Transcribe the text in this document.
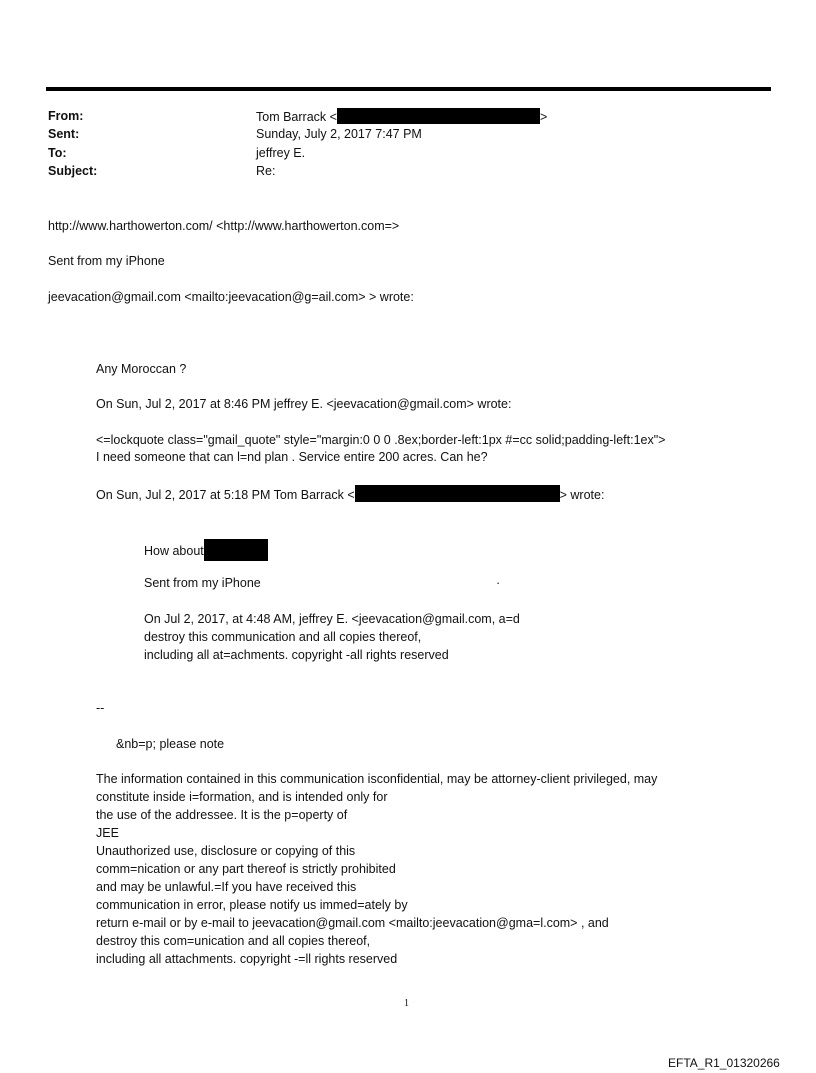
From:	Tom Barrack <	>
Sent:	Sunday, July 2, 2017 7:47 PM
To:	jeffrey E.
Subject:	Re:
http://www.harthowerton.com/ <http://www.harthowerton.com=>
Sent from my iPhone
jeevacation@gmail.com <mailto:jeevacation@g=ail.com> > wrote:
Any Moroccan ?
On Sun, Jul 2, 2017 at 8:46 PM jeffrey E. <jeevacation@gmail.com> wrote:
<=lockquote class="gmail_quote" style="margin:0 0 0 .8ex;border-left:1px #=cc solid;padding-left:1ex">
I need someone that can l=nd plan . Service entire 200 acres. Can he?
On Sun, Jul 2, 2017 at 5:18 PM Tom Barrack <	> wrote:
How about
Sent from my iPhone	·
On Jul 2, 2017, at 4:48 AM, jeffrey E. <jeevacation@gmail.com, a=d
destroy this communication and all copies thereof,
including all at=achments. copyright -all rights reserved
--
&nb=p; please note
The information contained in this communication isconfidential, may be attorney-client privileged, may
constitute inside i=formation, and is intended only for
the use of the addressee. It is the p=operty of
JEE
Unauthorized use, disclosure or copying of this
comm=nication or any part thereof is strictly prohibited
and may be unlawful.=If you have received this
communication in error, please notify us immed=ately by
return e-mail or by e-mail to jeevacation@gmail.com <mailto:jeevacation@gma=l.com> , and
destroy this com=unication and all copies thereof,
including all attachments. copyright -=ll rights reserved
1
EFTA_R1_01320266
